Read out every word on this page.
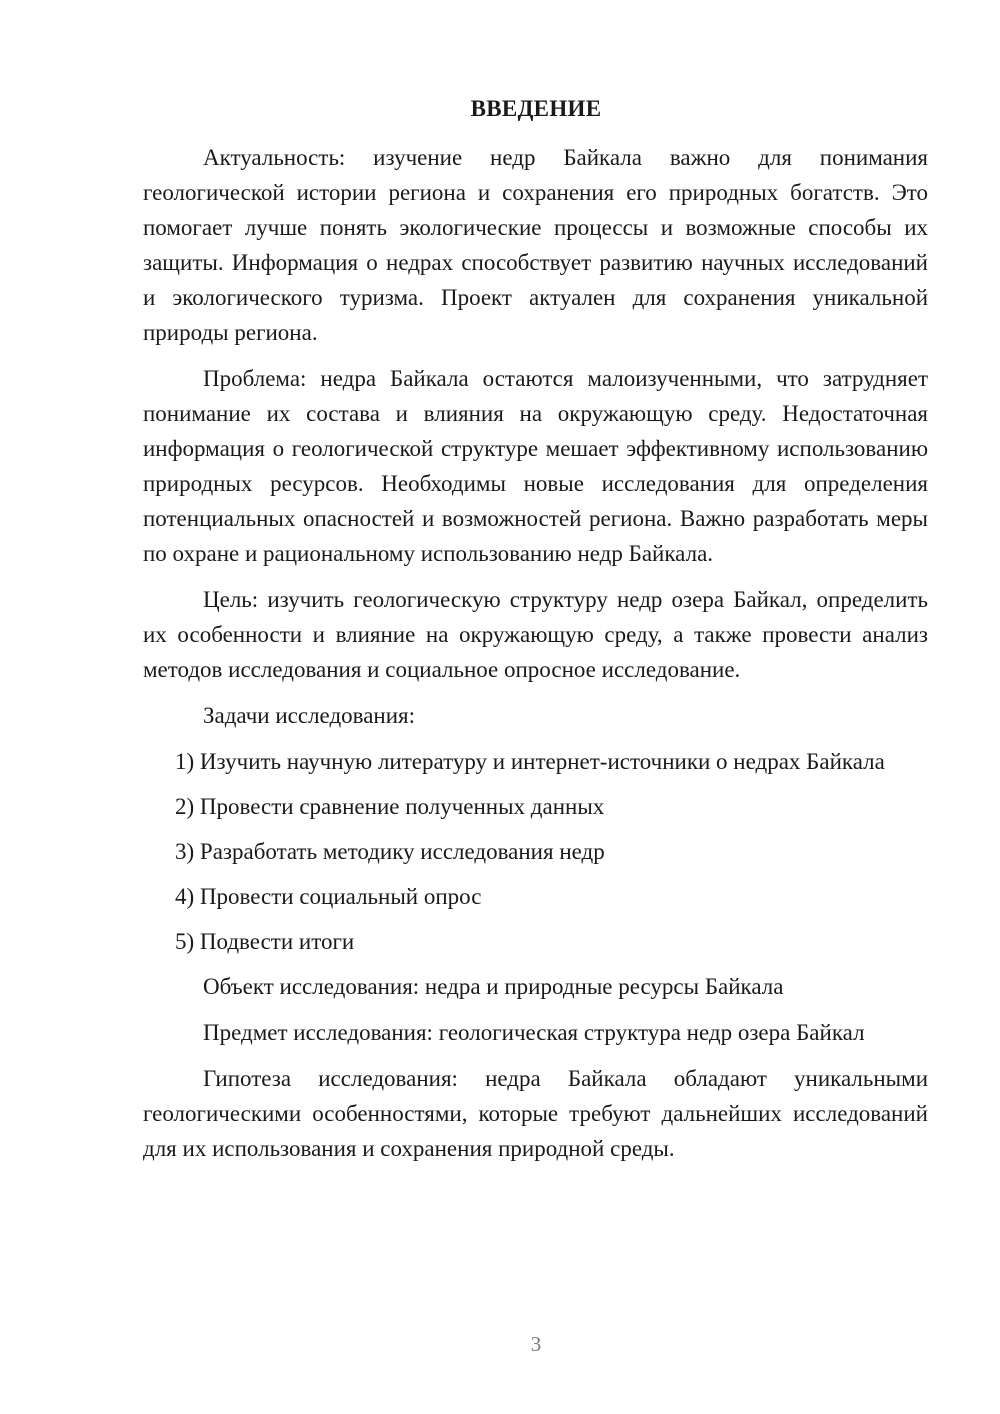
ВВЕДЕНИЕ

Актуальность: изучение недр Байкала важно для понимания геологической истории региона и сохранения его природных богатств. Это помогает лучше понять экологические процессы и возможные способы их защиты. Информация о недрах способствует развитию научных исследований и экологического туризма. Проект актуален для сохранения уникальной природы региона.

Проблема: недра Байкала остаются малоизученными, что затрудняет понимание их состава и влияния на окружающую среду. Недостаточная информация о геологической структуре мешает эффективному использованию природных ресурсов. Необходимы новые исследования для определения потенциальных опасностей и возможностей региона. Важно разработать меры по охране и рациональному использованию недр Байкала.

Цель: изучить геологическую структуру недр озера Байкал, определить их особенности и влияние на окружающую среду, а также провести анализ методов исследования и социальное опросное исследование.

Задачи исследования:

1) Изучить научную литературу и интернет-источники о недрах Байкала

2) Провести сравнение полученных данных

3) Разработать методику исследования недр

4) Провести социальный опрос

5) Подвести итоги

Объект исследования: недра и природные ресурсы Байкала

Предмет исследования: геологическая структура недр озера Байкал

Гипотеза исследования: недра Байкала обладают уникальными геологическими особенностями, которые требуют дальнейших исследований для их использования и сохранения природной среды.

3
